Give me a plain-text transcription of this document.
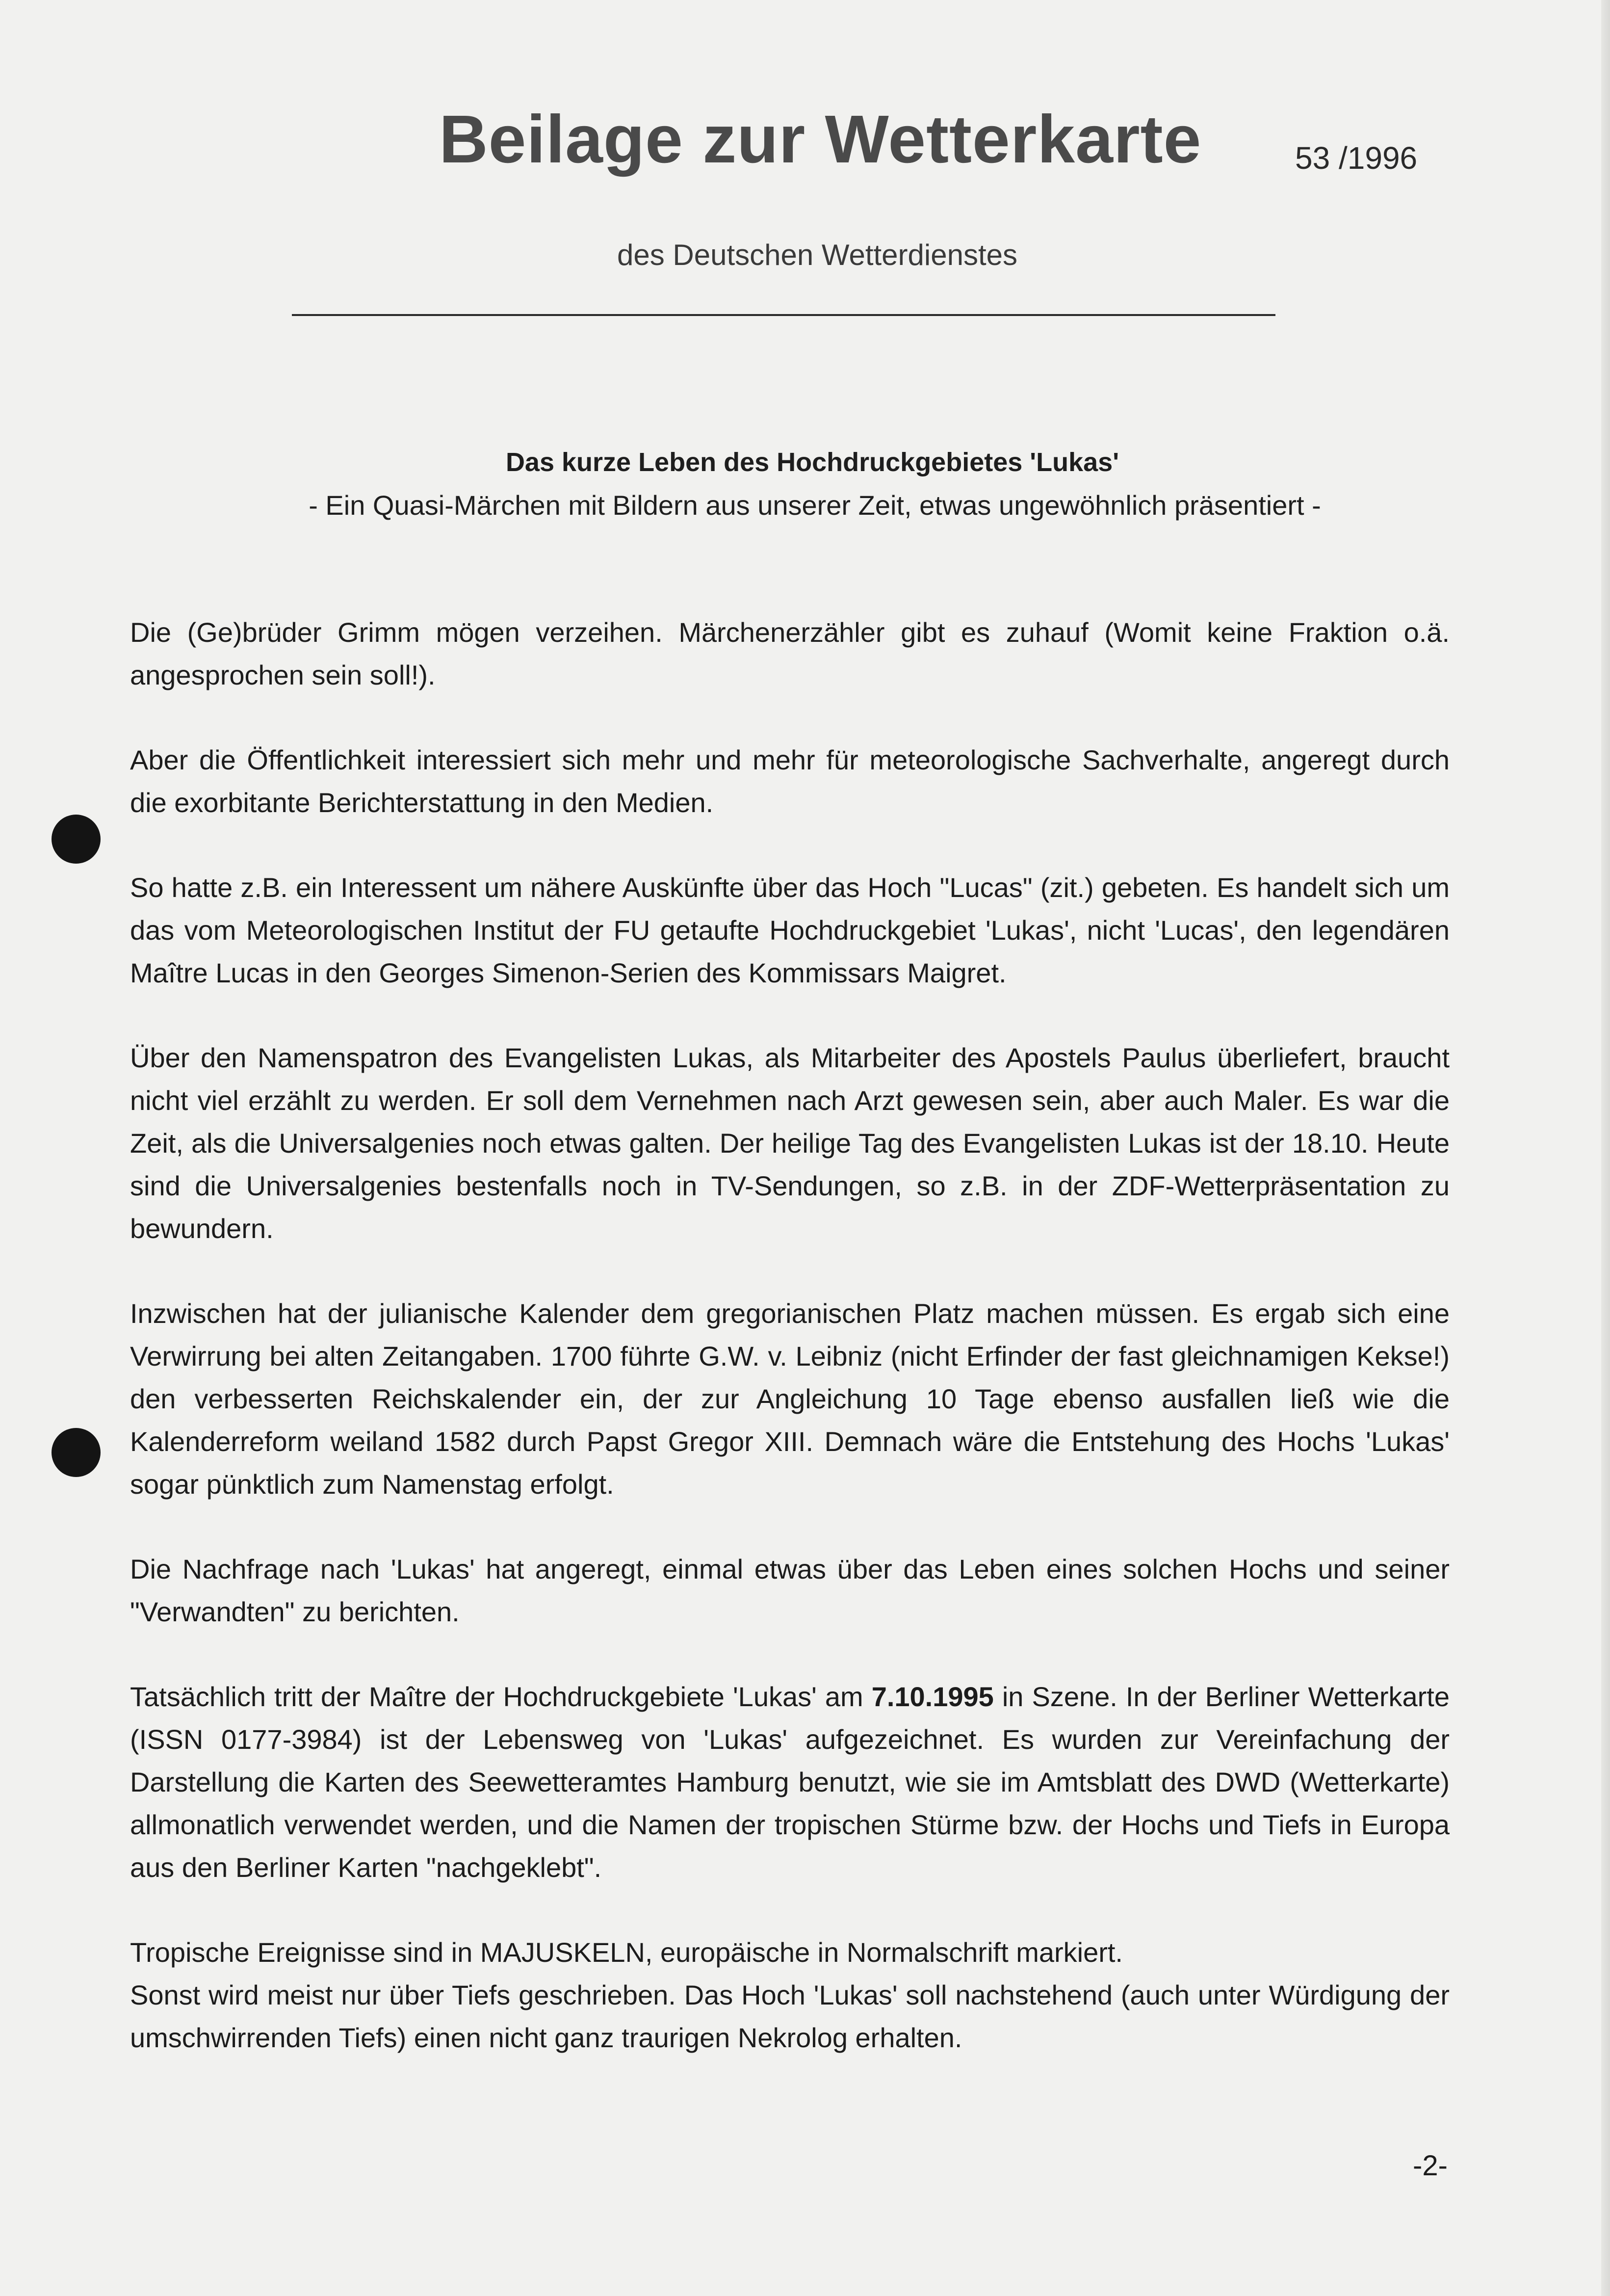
Beilage zur Wetterkarte	53 /1996
des Deutschen Wetterdienstes
Das kurze Leben des Hochdruckgebietes 'Lukas'
- Ein Quasi-Märchen mit Bildern aus unserer Zeit, etwas ungewöhnlich präsentiert -

Die (Ge)brüder Grimm mögen verzeihen. Märchenerzähler gibt es zuhauf (Womit keine Fraktion o.ä. angesprochen sein soll!).

Aber die Öffentlichkeit interessiert sich mehr und mehr für meteorologische Sachverhalte, angeregt durch die exorbitante Berichterstattung in den Medien.

So hatte z.B. ein Interessent um nähere Auskünfte über das Hoch "Lucas" (zit.) gebeten. Es handelt sich um das vom Meteorologischen Institut der FU getaufte Hochdruckgebiet 'Lukas', nicht 'Lucas', den legendären Maître Lucas in den Georges Simenon-Serien des Kommissars Maigret.

Über den Namenspatron des Evangelisten Lukas, als Mitarbeiter des Apostels Paulus überliefert, braucht nicht viel erzählt zu werden. Er soll dem Vernehmen nach Arzt gewesen sein, aber auch Maler. Es war die Zeit, als die Universalgenies noch etwas galten. Der heilige Tag des Evangelisten Lukas ist der 18.10. Heute sind die Universalgenies bestenfalls noch in TV-Sendungen, so z.B. in der ZDF-Wetterpräsentation zu bewundern.

Inzwischen hat der julianische Kalender dem gregorianischen Platz machen müssen. Es ergab sich eine Verwirrung bei alten Zeitangaben. 1700 führte G.W. v. Leibniz (nicht Erfinder der fast gleichnamigen Kekse!) den verbesserten Reichskalender ein, der zur Angleichung 10 Tage ebenso ausfallen ließ wie die Kalenderreform weiland 1582 durch Papst Gregor XIII. Demnach wäre die Entstehung des Hochs 'Lukas' sogar pünktlich zum Namenstag erfolgt.

Die Nachfrage nach 'Lukas' hat angeregt, einmal etwas über das Leben eines solchen Hochs und seiner "Verwandten" zu berichten.

Tatsächlich tritt der Maître der Hochdruckgebiete 'Lukas' am 7.10.1995 in Szene. In der Berliner Wetterkarte (ISSN 0177-3984) ist der Lebensweg von 'Lukas' aufgezeichnet. Es wurden zur Vereinfachung der Darstellung die Karten des Seewetteramtes Hamburg benutzt, wie sie im Amtsblatt des DWD (Wetterkarte) allmonatlich verwendet werden, und die Namen der tropischen Stürme bzw. der Hochs und Tiefs in Europa aus den Berliner Karten "nachgeklebt".

Tropische Ereignisse sind in MAJUSKELN, europäische in Normalschrift markiert.

Sonst wird meist nur über Tiefs geschrieben. Das Hoch 'Lukas' soll nachstehend (auch unter Würdigung der umschwirrenden Tiefs) einen nicht ganz traurigen Nekrolog erhalten.

-2-
